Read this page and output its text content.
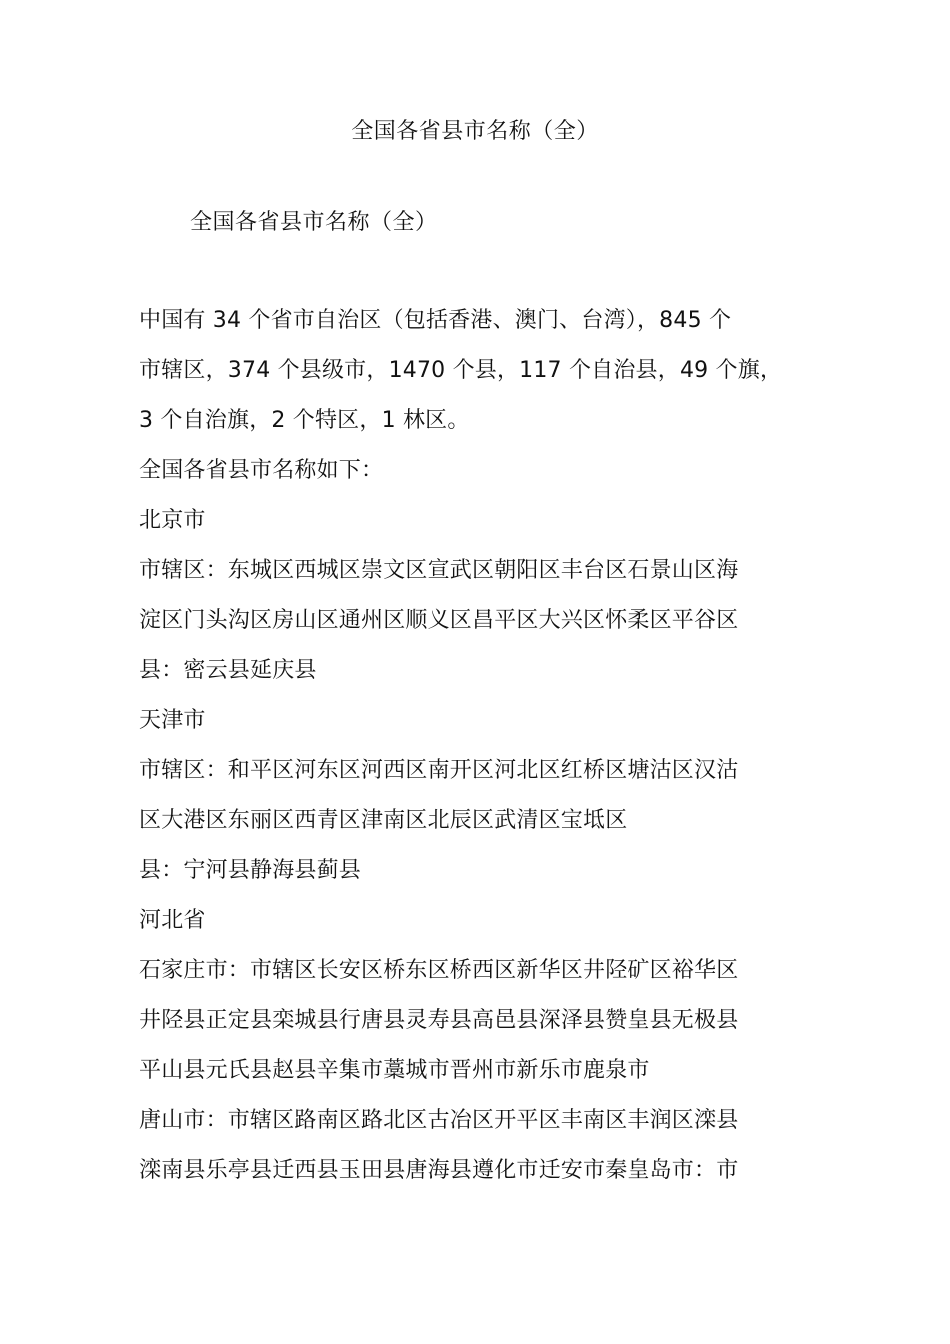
全国各省县市名称（全）
全国各省县市名称（全）
中国有 34 个省市自治区（包括香港、澳门、台湾），845 个
市辖区，374 个县级市，1470 个县，117 个自治县，49 个旗，
3 个自治旗，2 个特区，1 林区。
全国各省县市名称如下：
北京市
市辖区：东城区西城区崇文区宣武区朝阳区丰台区石景山区海
淀区门头沟区房山区通州区顺义区昌平区大兴区怀柔区平谷区
县：密云县延庆县
天津市
市辖区：和平区河东区河西区南开区河北区红桥区塘沽区汉沽
区大港区东丽区西青区津南区北辰区武清区宝坻区
县：宁河县静海县蓟县
河北省
石家庄市：市辖区长安区桥东区桥西区新华区井陉矿区裕华区
井陉县正定县栾城县行唐县灵寿县高邑县深泽县赞皇县无极县
平山县元氏县赵县辛集市藁城市晋州市新乐市鹿泉市
唐山市：市辖区路南区路北区古冶区开平区丰南区丰润区滦县
滦南县乐亭县迁西县玉田县唐海县遵化市迁安市秦皇岛市：市
